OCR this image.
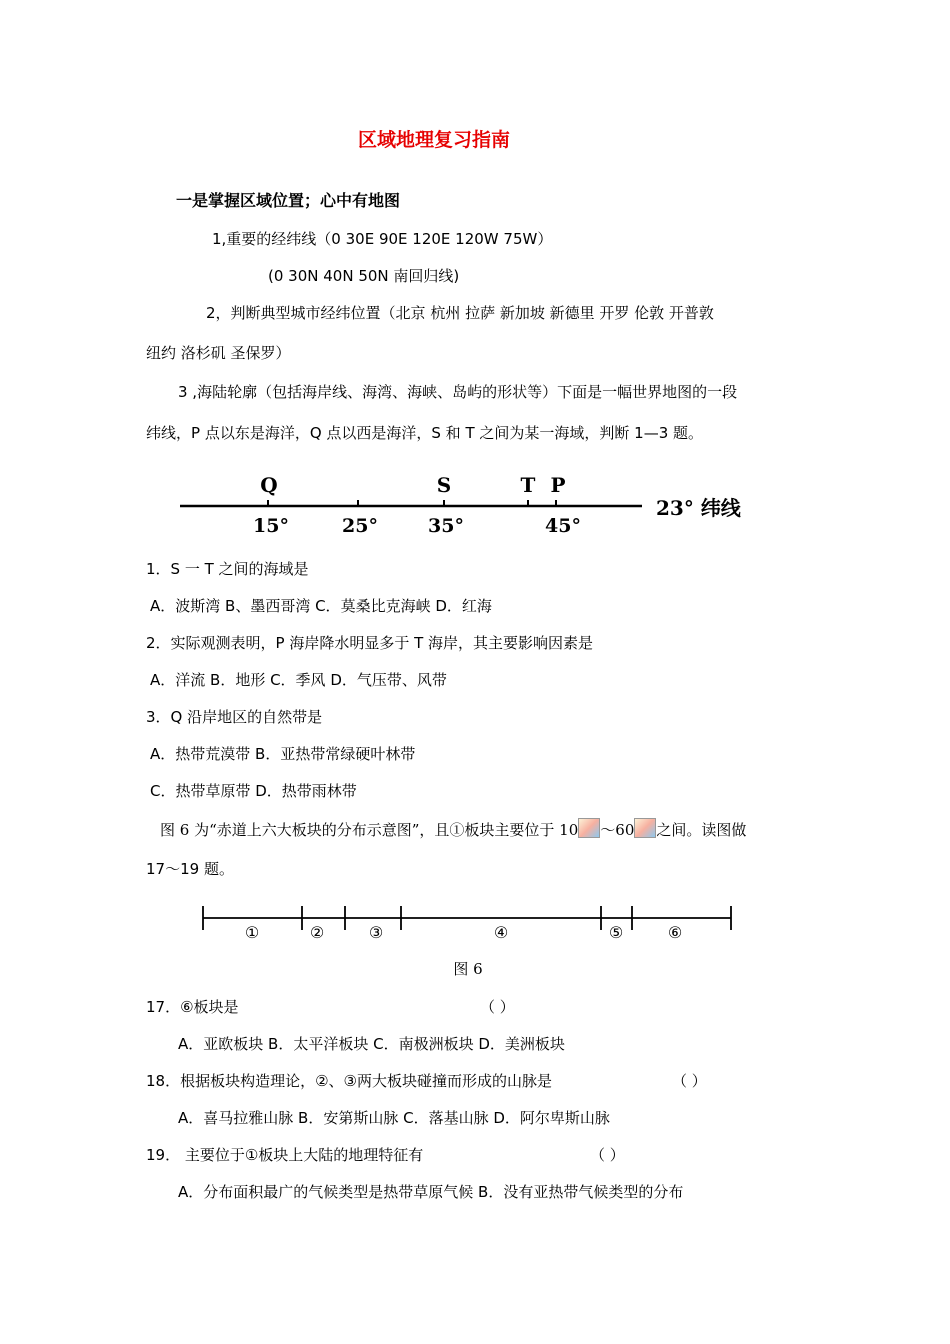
区域地理复习指南
一是掌握区域位置；心中有地图
1,重要的经纬线（0 30E 90E 120E 120W 75W）
(0 30N 40N 50N 南回归线)
2，判断典型城市经纬位置（北京 杭州 拉萨 新加坡 新德里 开罗 伦敦 开普敦
纽约 洛杉矶 圣保罗）
3 ,海陆轮廓（包括海岸线、海湾、海峡、岛屿的形状等）下面是一幅世界地图的一段
纬线，P 点以东是海洋，Q 点以西是海洋，S 和 T 之间为某一海域，判断 1—3 题。
Q	S	T P
15°	25°	35°	45°
23° 纬线
1．S 一 T 之间的海域是
A．波斯湾 B、墨西哥湾 C．莫桑比克海峡 D．红海
2．实际观测表明，P 海岸降水明显多于 T 海岸，其主要影响因素是
A．洋流 B．地形 C．季风 D．气压带、风带
3．Q 沿岸地区的自然带是
A．热带荒漠带 B．亚热带常绿硬叶林带
C．热带草原带 D．热带雨林带
图 6 为“赤道上六大板块的分布示意图”，且①板块主要位于 10 ～60 之间。读图做
17～19 题。
①	②	③	④	⑤	⑥
图 6
17．⑥板块是	（ ）
A．亚欧板块 B．太平洋板块 C．南极洲板块 D．美洲板块
18．根据板块构造理论，②、③两大板块碰撞而形成的山脉是	（ ）
A．喜马拉雅山脉 B．安第斯山脉 C．落基山脉 D．阿尔卑斯山脉
19． 主要位于①板块上大陆的地理特征有	（ ）
A．分布面积最广的气候类型是热带草原气候 B．没有亚热带气候类型的分布
